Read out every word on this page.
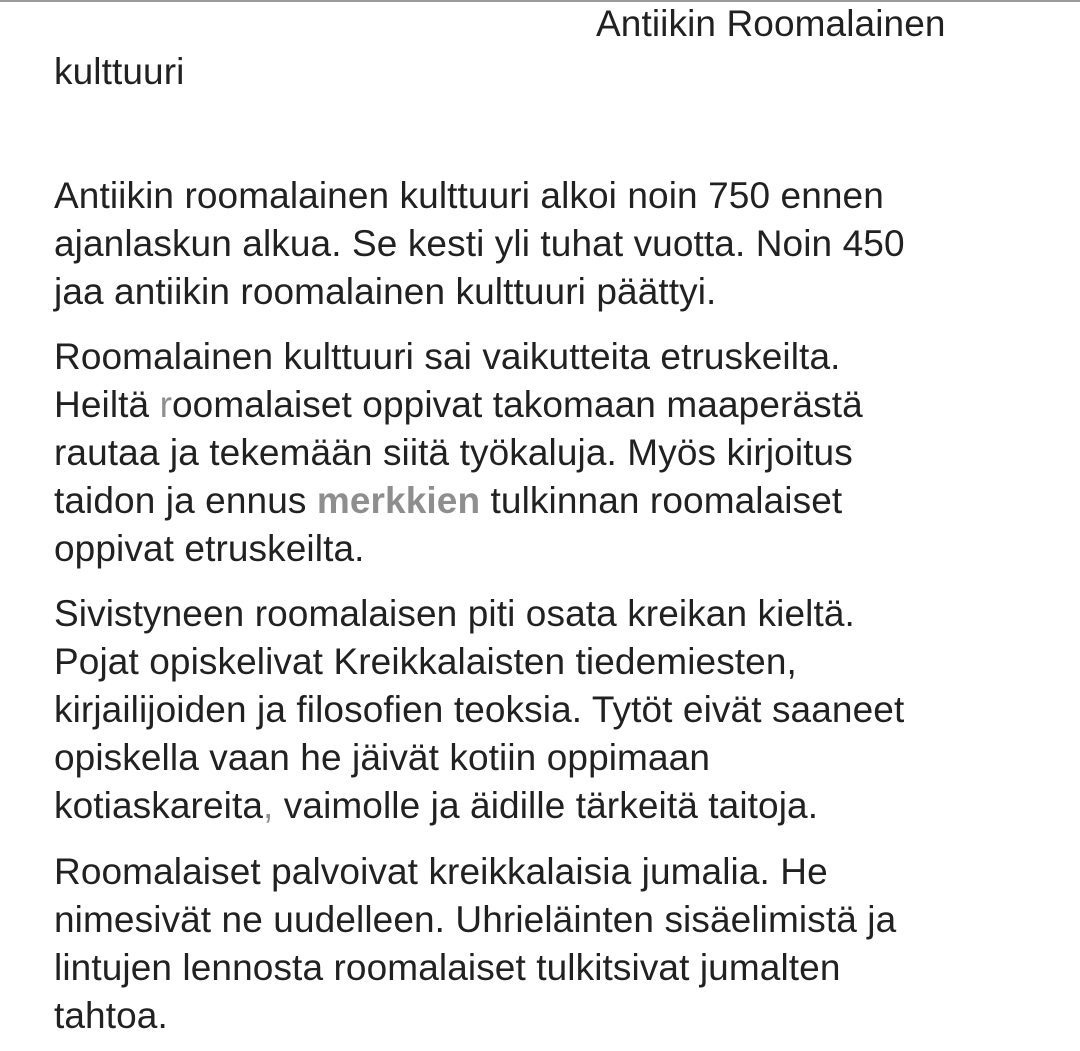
Antiikin Roomalainen
kulttuuri
Antiikin roomalainen kulttuuri alkoi noin 750 ennen
ajanlaskun alkua. Se kesti yli tuhat vuotta. Noin 450
jaa antiikin roomalainen kulttuuri päättyi.
Roomalainen kulttuuri sai vaikutteita etruskeilta.
Heiltä roomalaiset oppivat takomaan maaperästä
rautaa ja tekemään siitä työkaluja. Myös kirjoitus
taidon ja ennus merkkien tulkinnan roomalaiset
oppivat etruskeilta.
Sivistyneen roomalaisen piti osata kreikan kieltä.
Pojat opiskelivat Kreikkalaisten tiedemiesten,
kirjailijoiden ja filosofien teoksia. Tytöt eivät saaneet
opiskella vaan he jäivät kotiin oppimaan
kotiaskareita, vaimolle ja äidille tärkeitä taitoja.
Roomalaiset palvoivat kreikkalaisia jumalia. He
nimesivät ne uudelleen. Uhrieläinten sisäelimistä ja
lintujen lennosta roomalaiset tulkitsivat jumalten
tahtoa.
